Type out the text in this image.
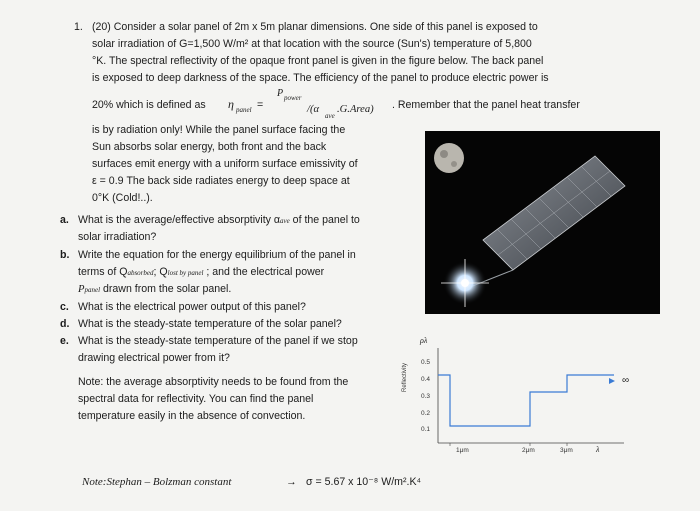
1. (20) Consider a solar panel of 2m x 5m planar dimensions. One side of this panel is exposed to
solar irradiation of G=1,500 W/m² at that location with the source (Sun's) temperature of 5,800
°K. The spectral reflectivity of the opaque front panel is given in the figure below. The back panel
is exposed to deep darkness of the space. The efficiency of the panel to produce electric power is
20% which is defined as η panel =
P power
/(α
ave
.G.Area) . Remember that the panel heat transfer
is by radiation only! While the panel surface facing the
Sun absorbs solar energy, both front and the back
surfaces emit energy with a uniform surface emissivity of
ε = 0.9 The back side radiates energy to deep space at
0°K (Cold!..).
a. What is the average/effective absorptivity αave of the panel to
solar irradiation?
b. Write the equation for the energy equilibrium of the panel in
terms of Qabsorbed; Qlost by panel ; and the electrical power
Ppanel drawn from the solar panel.
c. What is the electrical power output of this panel?
d. What is the steady-state temperature of the solar panel?
e. What is the steady-state temperature of the panel if we stop
drawing electrical power from it?
Note: the average absorptivity needs to be found from the
spectral data for reflectivity. You can find the panel
temperature easily in the absence of convection.
Note:Stephan – Bolzman constant	→ σ = 5.67 x 10⁻⁸ W/m².K⁴
ρλ
Reflectivity
0.5
0.4
0.3
0.2
0.1
1μm	2μm	3μm	λ
∞
